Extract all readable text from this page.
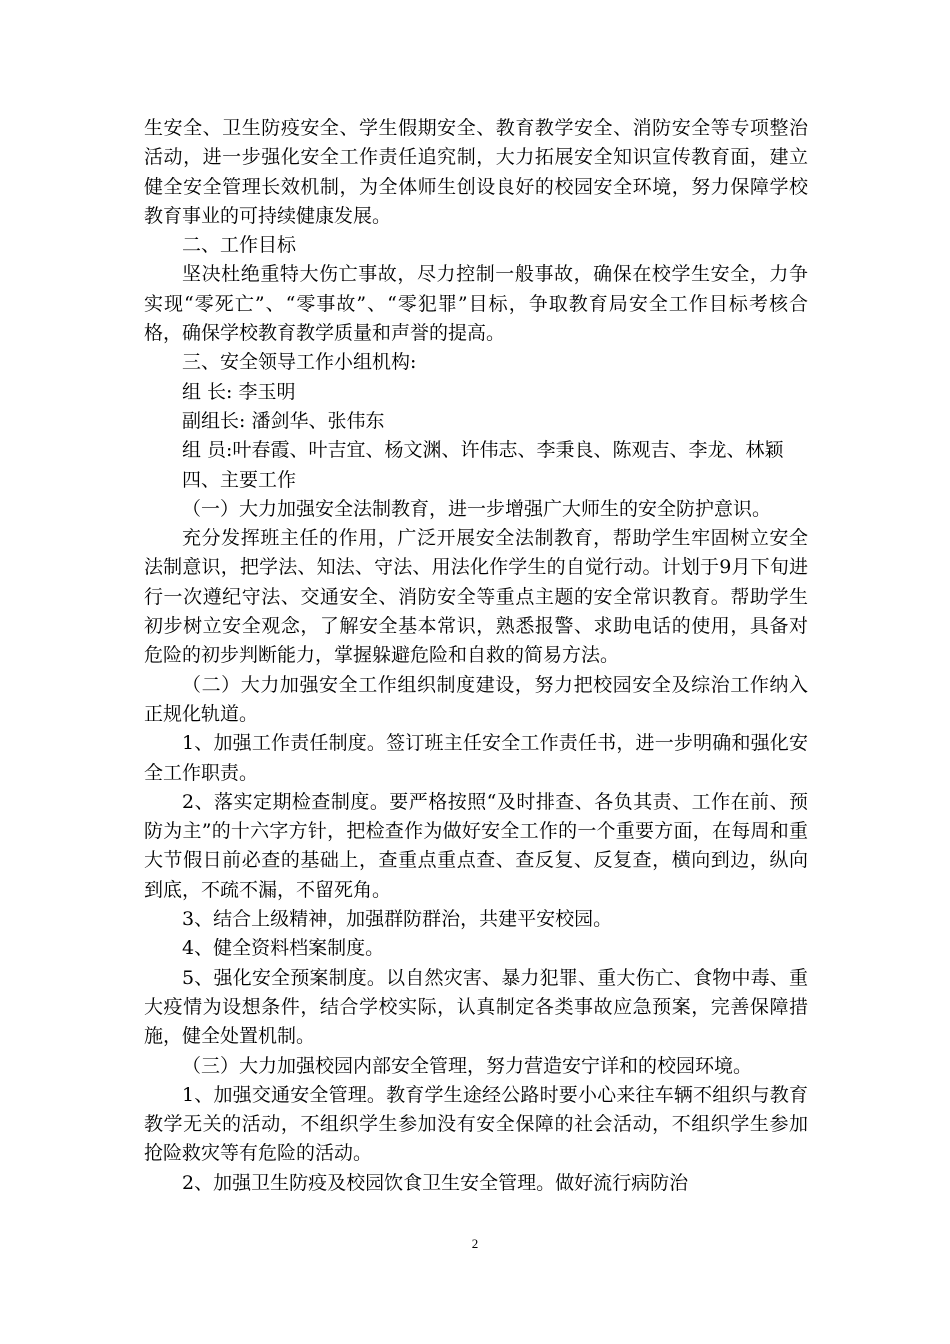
生安全、卫生防疫安全、学生假期安全、教育教学安全、消防安全等专项整治活动，进一步强化安全工作责任追究制，大力拓展安全知识宣传教育面，建立健全安全管理长效机制，为全体师生创设良好的校园安全环境，努力保障学校教育事业的可持续健康发展。

二、工作目标

坚决杜绝重特大伤亡事故，尽力控制一般事故，确保在校学生安全，力争实现“零死亡”、“零事故”、“零犯罪”目标，争取教育局安全工作目标考核合格，确保学校教育教学质量和声誉的提高。

三、安全领导工作小组机构:

组 长: 李玉明

副组长: 潘剑华、张伟东

组 员:叶春霞、叶吉宜、杨文渊、许伟志、李秉良、陈观吉、李龙、林颖

四、主要工作

（一）大力加强安全法制教育，进一步增强广大师生的安全防护意识。

充分发挥班主任的作用，广泛开展安全法制教育，帮助学生牢固树立安全法制意识，把学法、知法、守法、用法化作学生的自觉行动。计划于9月下旬进行一次遵纪守法、交通安全、消防安全等重点主题的安全常识教育。帮助学生初步树立安全观念，了解安全基本常识，熟悉报警、求助电话的使用，具备对危险的初步判断能力，掌握躲避危险和自救的简易方法。

（二）大力加强安全工作组织制度建设，努力把校园安全及综治工作纳入正规化轨道。

1、加强工作责任制度。签订班主任安全工作责任书，进一步明确和强化安全工作职责。

2、落实定期检查制度。要严格按照“及时排查、各负其责、工作在前、预防为主”的十六字方针，把检查作为做好安全工作的一个重要方面，在每周和重大节假日前必查的基础上，查重点重点查、查反复、反复查，横向到边，纵向到底，不疏不漏，不留死角。

3、结合上级精神，加强群防群治，共建平安校园。

4、健全资料档案制度。

5、强化安全预案制度。以自然灾害、暴力犯罪、重大伤亡、食物中毒、重大疫情为设想条件，结合学校实际，认真制定各类事故应急预案，完善保障措施，健全处置机制。

（三）大力加强校园内部安全管理，努力营造安宁详和的校园环境。

1、加强交通安全管理。教育学生途经公路时要小心来往车辆不组织与教育教学无关的活动，不组织学生参加没有安全保障的社会活动，不组织学生参加抢险救灾等有危险的活动。

2、加强卫生防疫及校园饮食卫生安全管理。做好流行病防治

2
